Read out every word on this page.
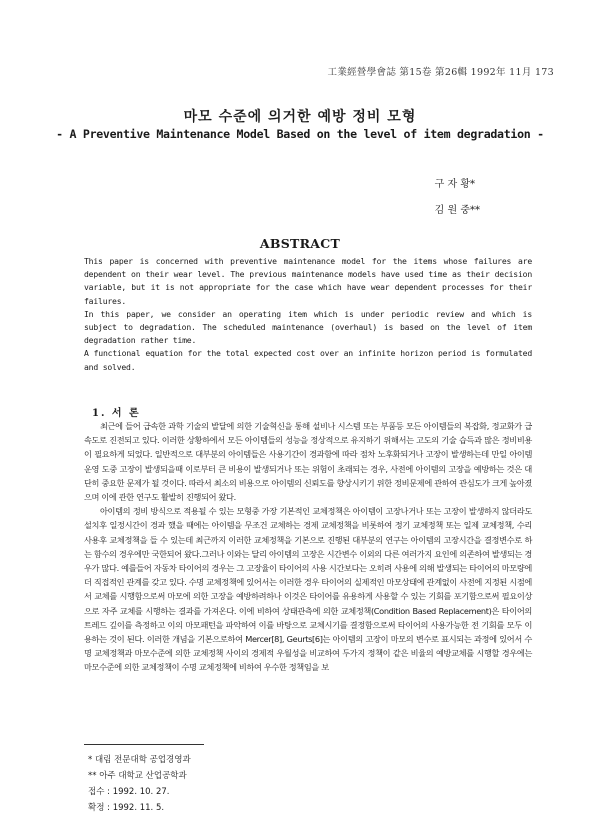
工業經營學會誌 第15卷 第26輯 1992年 11月 173
마모 수준에 의거한 예방 정비 모형
- A Preventive Maintenance Model Based on the level of item degradation -
구 자 황*
김 원 중**
ABSTRACT

This paper is concerned with preventive maintenance model for the items whose failures are dependent on their wear level. The previous maintenance models have used time as their decision variable, but it is not appropriate for the case which have wear dependent processes for their failures.

In this paper, we consider an operating item which is under periodic review and which is subject to degradation. The scheduled maintenance (overhaul) is based on the level of item degradation rather time.

A functional equation for the total expected cost over an infinite horizon period is formulated and solved.

1. 서 론

최근에 들어 급속한 과학 기술의 발달에 의한 기술혁신을 통해 설비나 시스템 또는 부품등 모든 아이템들의 복잡화, 정교화가 급속도로 진전되고 있다. 이러한 상황하에서 모든 아이템들의 성능을 정상적으로 유지하기 위해서는 고도의 기술 습득과 많은 정비비용이 필요하게 되었다. 일반적으로 대부분의 아이템들은 사용기간이 경과함에 따라 점차 노후화되거나 고장이 발생하는데 만일 아이템 운영 도중 고장이 발생되을때 이로부터 큰 비용이 발생되거나 또는 위험이 초래되는 경우, 사전에 아이템의 고장을 예방하는 것은 대단히 중요한 문제가 될 것이다. 따라서 최소의 비용으로 아이템의 신뢰도를 향상시키기 위한 정비문제에 관하여 관심도가 크게 높아졌으며 이에 관한 연구도 활발히 진행되어 왔다.

아이템의 정비 방식으로 적용될 수 있는 모형중 가장 기본적인 교체정책은 아이템이 고장나거나 또는 고장이 발생하지 않더라도 설치후 일정시간이 경과 했을 때에는 아이템을 무조건 교체하는 경제 교체정책을 비롯하여 정기 교체정책 또는 일제 교체정책, 수리 사용후 교체정책을 들 수 있는데 최근까지 이러한 교체정책을 기본으로 진행된 대부분의 연구는 아이템의 고장시간을 결정변수로 하는 함수의 경우에만 국한되어 왔다.그러나 이와는 달리 아이템의 고장은 시간변수 이외의 다른 여러가지 요인에 의존하여 발생되는 경우가 많다. 예를들어 자동차 타이어의 경우는 그 고장율이 타이어의 사용 시간보다는 오히려 사용에 의해 발생되는 타이어의 마모량에 더 직접적인 관계를 갖고 있다. 수명 교체정책에 있어서는 이러한 경우 타이어의 실제적인 마모상태에 관계없이 사전에 지정된 시점에서 교체를 시행함으로써 마모에 의한 고장을 예방하려하나 이것은 타이어를 유용하게 사용할 수 있는 기회를 포기함으로써 필요이상으로 자주 교체를 시행하는 결과를 가져온다. 이에 비하여 상태관측에 의한 교체정책(Condition Based Replacement)은 타이어의 트레드 깊이를 측정하고 이의 마모패턴을 파악하여 이를 바탕으로 교체시기를 결정함으로써 타이어의 사용가능한 전 기회를 모두 이용하는 것이 된다. 이러한 개념을 기본으로하여 Mercer[8], Geurts[6]는 아이템의 고장이 마모의 변수로 표시되는 과정에 있어서 수명 교체정책과 마모수준에 의한 교체정책 사이의 경제적 우월성을 비교하여 두가지 정책이 같은 비율의 예방교체를 시행할 경우에는 마모수준에 의한 교체정책이 수명 교체정책에 비하여 우수한 정책임을 보

* 대림 전문대학 공업경영과
** 아주 대학교 산업공학과
접수 : 1992. 10. 27.
확정 : 1992. 11. 5.
